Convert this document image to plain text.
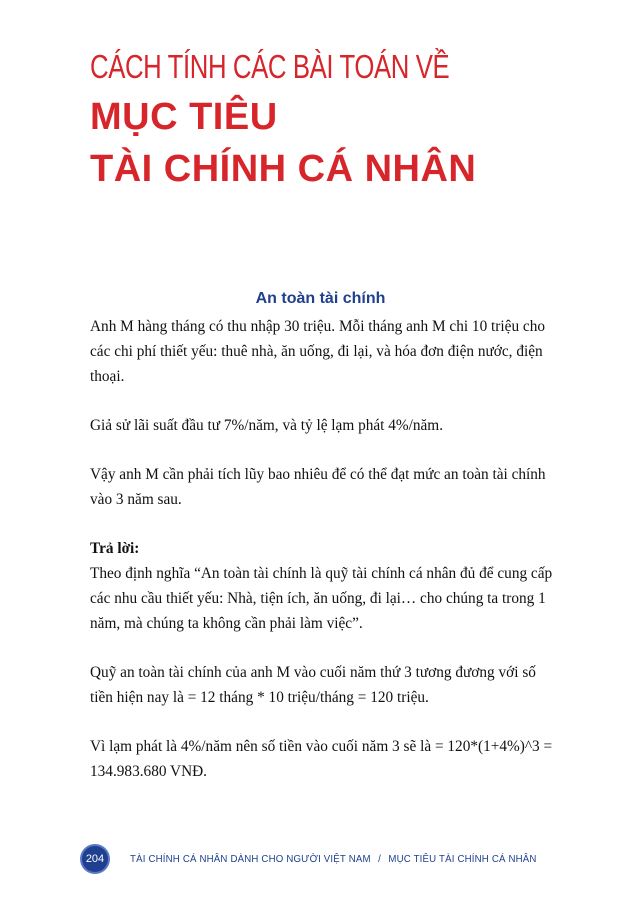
CÁCH TÍNH CÁC BÀI TOÁN VỀ
MỤC TIÊU
TÀI CHÍNH CÁ NHÂN
An toàn tài chính

Anh M hàng tháng có thu nhập 30 triệu. Mỗi tháng anh M chi 10 triệu cho các chi phí thiết yếu: thuê nhà, ăn uống, đi lại, và hóa đơn điện nước, điện thoại.

Giả sử lãi suất đầu tư 7%/năm, và tỷ lệ lạm phát 4%/năm.

Vậy anh M cần phải tích lũy bao nhiêu để có thể đạt mức an toàn tài chính vào 3 năm sau.

Trả lời:

Theo định nghĩa “An toàn tài chính là quỹ tài chính cá nhân đủ để cung cấp các nhu cầu thiết yếu: Nhà, tiện ích, ăn uống, đi lại… cho chúng ta trong 1 năm, mà chúng ta không cần phải làm việc”.

Quỹ an toàn tài chính của anh M vào cuối năm thứ 3 tương đương với số tiền hiện nay là = 12 tháng * 10 triệu/tháng = 120 triệu.

Vì lạm phát là 4%/năm nên số tiền vào cuối năm 3 sẽ là = 120*(1+4%)^3 = 134.983.680 VNĐ.

204	TÀI CHÍNH CÁ NHÂN DÀNH CHO NGƯỜI VIỆT NAM / MỤC TIÊU TÀI CHÍNH CÁ NHÂN
